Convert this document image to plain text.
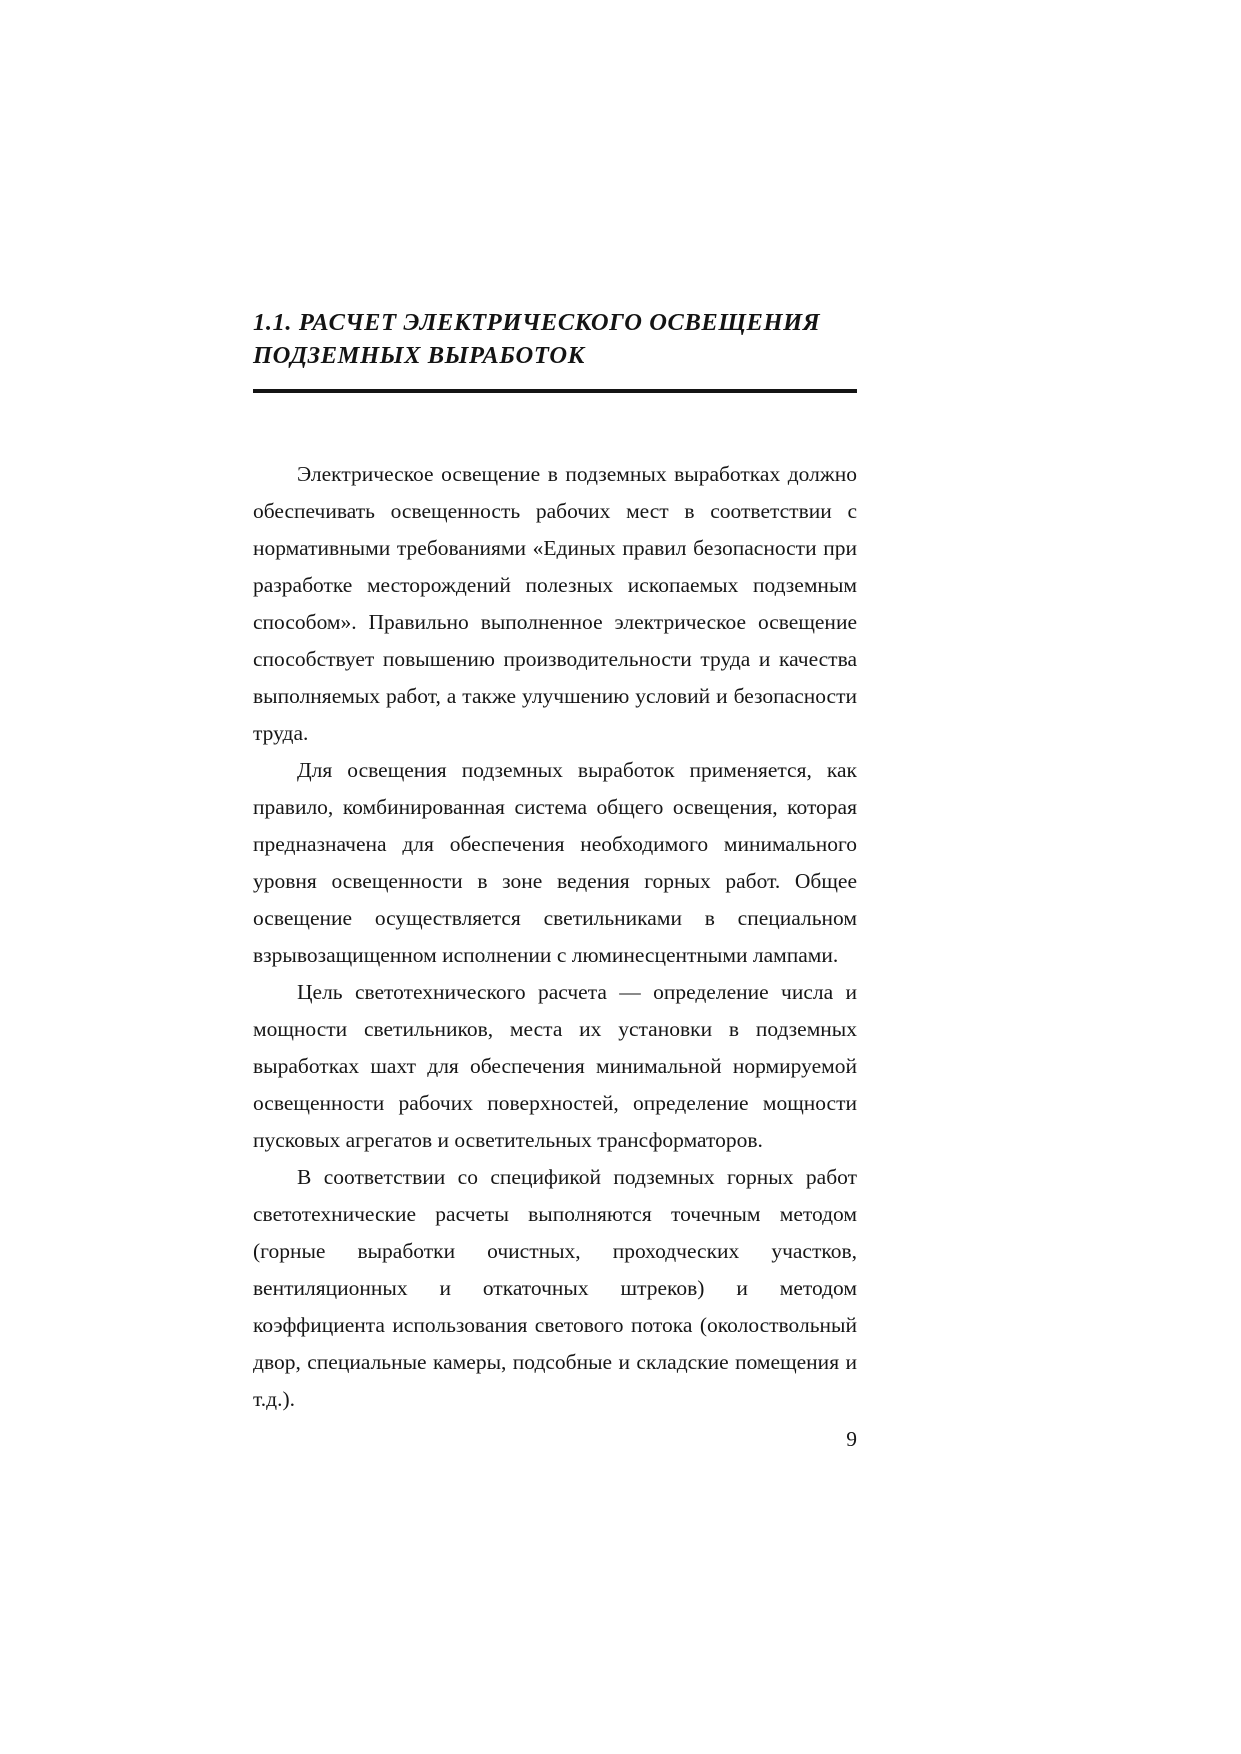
1.1. РАСЧЕТ ЭЛЕКТРИЧЕСКОГО ОСВЕЩЕНИЯ
ПОДЗЕМНЫХ ВЫРАБОТОК

Электрическое освещение в подземных выработках должно обеспечивать освещенность рабочих мест в соответствии с нормативными требованиями «Единых правил безопасности при разработке месторождений полезных ископаемых подземным способом». Правильно выполненное электрическое освещение способствует повышению производительности труда и качества выполняемых работ, а также улучшению условий и безопасности труда.

Для освещения подземных выработок применяется, как правило, комбинированная система общего освещения, которая предназначена для обеспечения необходимого минимального уровня освещенности в зоне ведения горных работ. Общее освещение осуществляется светильниками в специальном взрывозащищенном исполнении с люминесцентными лампами.

Цель светотехнического расчета — определение числа и мощности светильников, места их установки в подземных выработках шахт для обеспечения минимальной нормируемой освещенности рабочих поверхностей, определение мощности пусковых агрегатов и осветительных трансформаторов.

В соответствии со спецификой подземных горных работ светотехнические расчеты выполняются точечным методом (горные выработки очистных, проходческих участков, вентиляционных и откаточных штреков) и методом коэффициента использования светового потока (околоствольный двор, специальные камеры, подсобные и складские помещения и т.д.).

9
